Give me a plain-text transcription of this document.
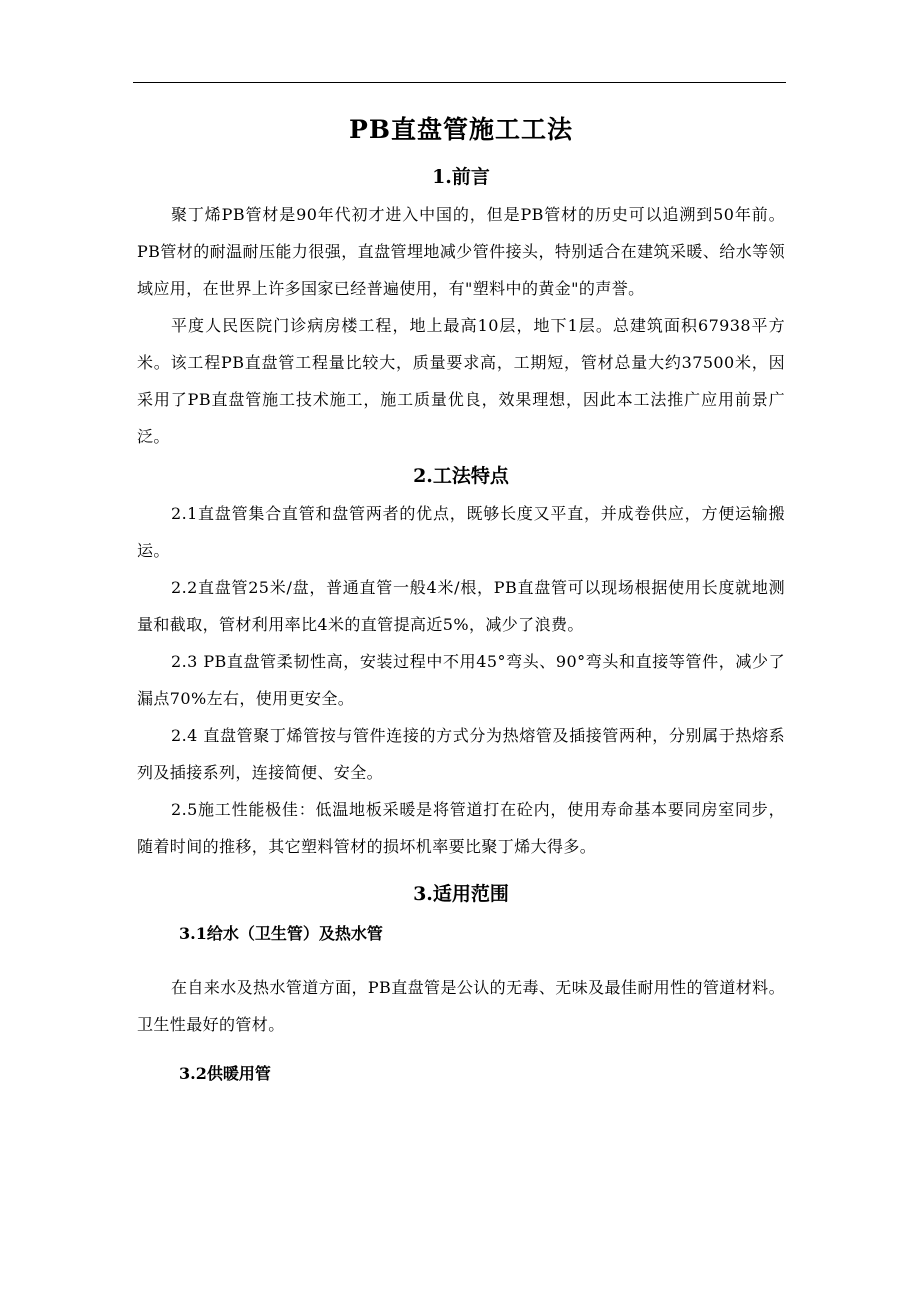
PB直盘管施工工法
1.前言

聚丁烯PB管材是90年代初才进入中国的，但是PB管材的历史可以追溯到50年前。PB管材的耐温耐压能力很强，直盘管埋地减少管件接头，特别适合在建筑采暖、给水等领域应用，在世界上许多国家已经普遍使用，有"塑料中的黄金"的声誉。

平度人民医院门诊病房楼工程，地上最高10层，地下1层。总建筑面积67938平方米。该工程PB直盘管工程量比较大，质量要求高，工期短，管材总量大约37500米，因采用了PB直盘管施工技术施工，施工质量优良，效果理想，因此本工法推广应用前景广泛。

2.工法特点

2.1直盘管集合直管和盘管两者的优点，既够长度又平直，并成卷供应，方便运输搬运。

2.2直盘管25米/盘，普通直管一般4米/根，PB直盘管可以现场根据使用长度就地测量和截取，管材利用率比4米的直管提高近5%，减少了浪费。

2.3 PB直盘管柔韧性高，安装过程中不用45°弯头、90°弯头和直接等管件，减少了漏点70%左右，使用更安全。

2.4 直盘管聚丁烯管按与管件连接的方式分为热熔管及插接管两种，分别属于热熔系列及插接系列，连接简便、安全。

2.5施工性能极佳：低温地板采暖是将管道打在砼内，使用寿命基本要同房室同步，随着时间的推移，其它塑料管材的损坏机率要比聚丁烯大得多。

3.适用范围
3.1给水（卫生管）及热水管

在自来水及热水管道方面，PB直盘管是公认的无毒、无味及最佳耐用性的管道材料。卫生性最好的管材。

3.2供暖用管
